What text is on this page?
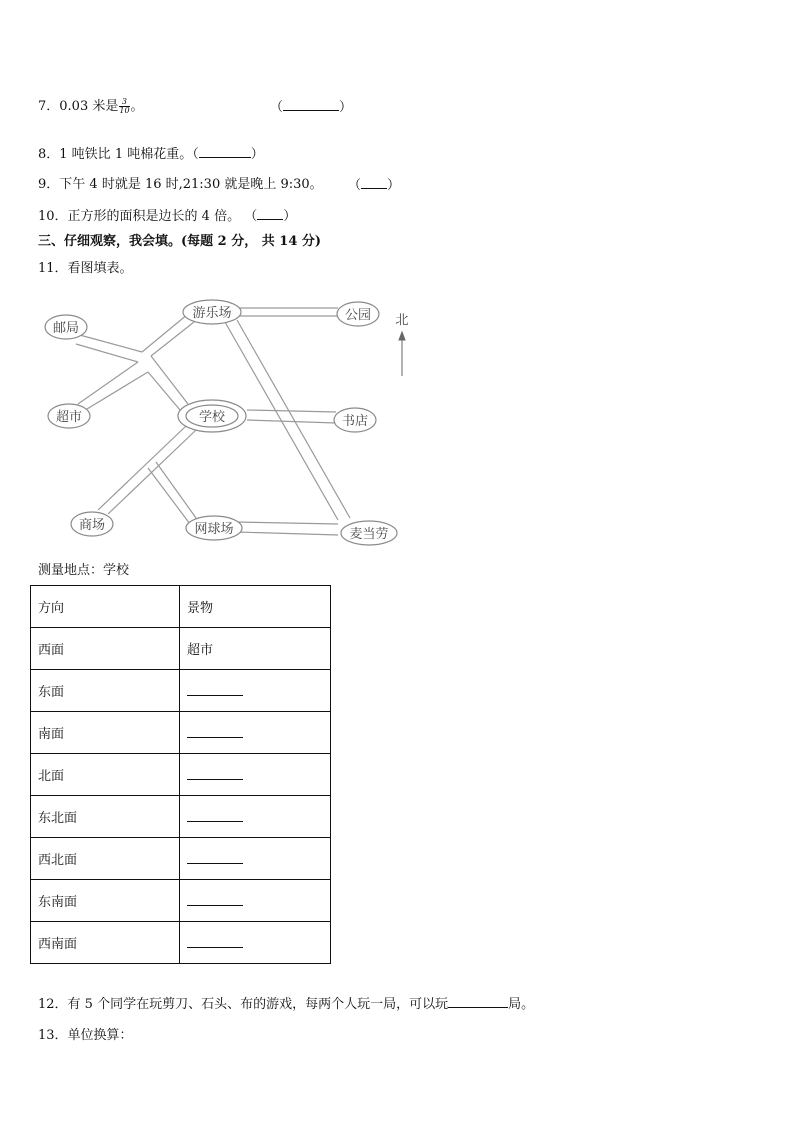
7．0.03 米是 $\frac{3}{10}$ 。	（	）
8．1 吨铁比 1 吨棉花重。（	）
9．下午 4 时就是 16 时,21:30 就是晚上 9:30。 （ ）
10．正方形的面积是边长的 4 倍。 （ ）
三、仔细观察，我会填。(每题 2 分， 共 14 分)
11．看图填表。
游乐场	公园
邮局
超市	学校	书店
商场	网球场	麦当劳
北
测量地点：学校
方向	景物
西面	超市
东面	
南面	
北面	
东北面	
西北面	
东南面	
西南面	
12．有 5 个同学在玩剪刀、石头、布的游戏，每两个人玩一局，可以玩	局。
13．单位换算：
